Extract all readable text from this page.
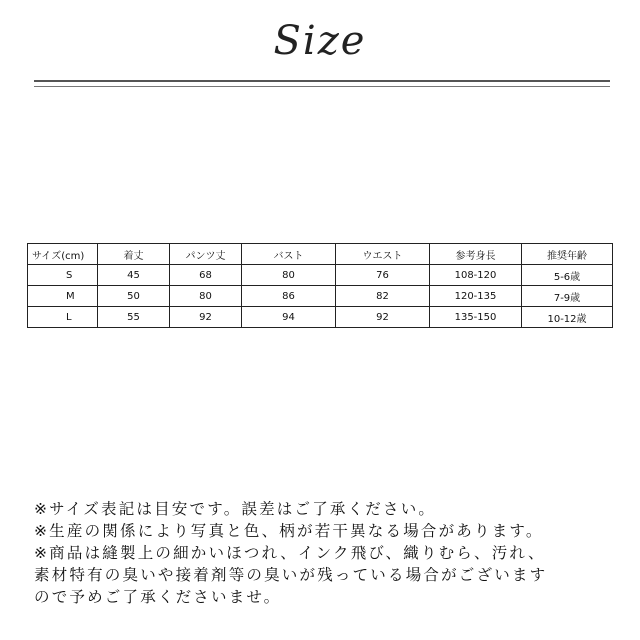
Size
サイズ(cm)	着丈	パンツ丈	バスト	ウエスト	参考身長	推奨年齢
S	45	68	80	76	108-120	5-6歳
M	50	80	86	82	120-135	7-9歳
L	55	92	94	92	135-150	10-12歳
※サイズ表記は目安です。誤差はご了承ください。
※生産の関係により写真と色、柄が若干異なる場合があります。
※商品は縫製上の細かいほつれ、インク飛び、織りむら、汚れ、
素材特有の臭いや接着剤等の臭いが残っている場合がございます
ので予めご了承くださいませ。
